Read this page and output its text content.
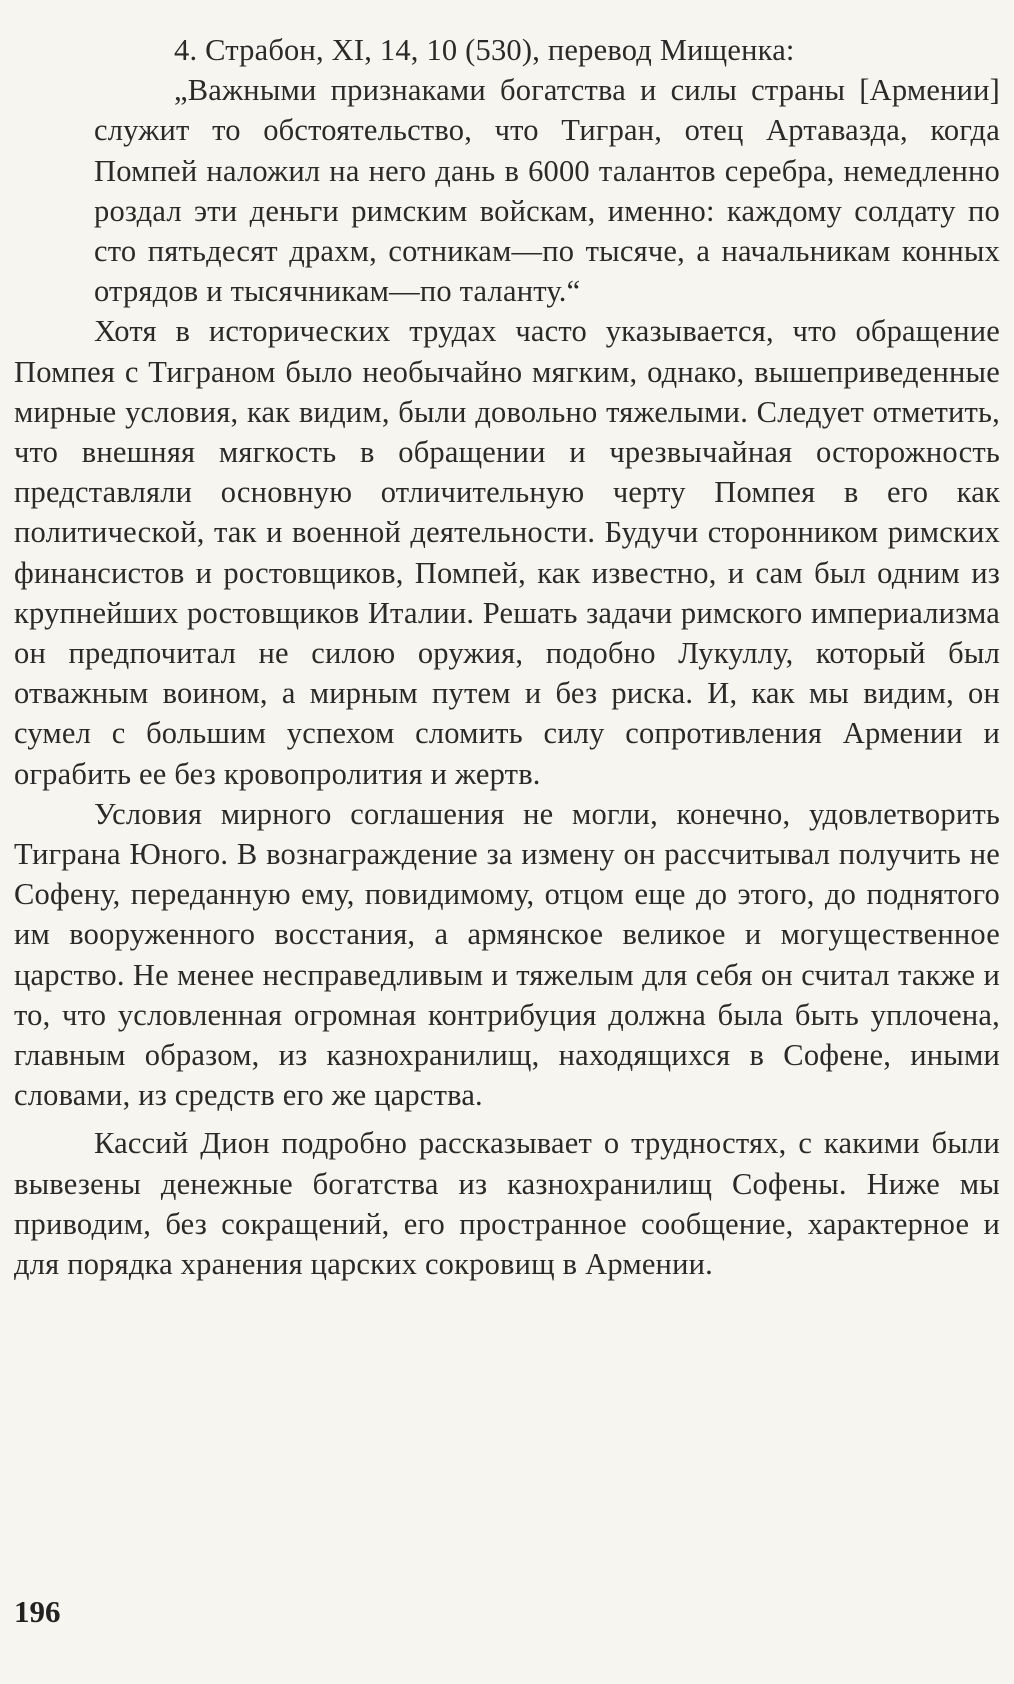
4. Страбон, XI, 14, 10 (530), перевод Мищенка:

„Важными признаками богатства и силы страны [Армении] служит то обстоятельство, что Тигран, отец Артавазда, когда Помпей наложил на него дань в 6000 талантов серебра, немедленно роздал эти деньги римским войскам, именно: каждому солдату по сто пятьдесят драхм, сотникам—по тысяче, а начальникам конных отрядов и тысячникам—по таланту.“

Хотя в исторических трудах часто указывается, что обращение Помпея с Тиграном было необычайно мягким, однако, вышеприведенные мирные условия, как видим, были довольно тяжелыми. Следует отметить, что внешняя мягкость в обращении и чрезвычайная осторожность представляли основную отличительную черту Помпея в его как политической, так и военной деятельности. Будучи сторонником римских финансистов и ростовщиков, Помпей, как известно, и сам был одним из крупнейших ростовщиков Италии. Решать задачи римского империализма он предпочитал не силою оружия, подобно Лукуллу, который был отважным воином, а мирным путем и без риска. И, как мы видим, он сумел с большим успехом сломить силу сопротивления Армении и ограбить ее без кровопролития и жертв.

Условия мирного соглашения не могли, конечно, удовлетворить Тиграна Юного. В вознаграждение за измену он рассчитывал получить не Софену, переданную ему, повидимому, отцом еще до этого, до поднятого им вооруженного восстания, а армянское великое и могущественное царство. Не менее несправедливым и тяжелым для себя он считал также и то, что условленная огромная контрибуция должна была быть уплочена, главным образом, из казнохранилищ, находящихся в Софене, иными словами, из средств его же царства.

Кассий Дион подробно рассказывает о трудностях, с какими были вывезены денежные богатства из казнохранилищ Софены. Ниже мы приводим, без сокращений, его пространное сообщение, характерное и для порядка хранения царских сокровищ в Армении.

196
